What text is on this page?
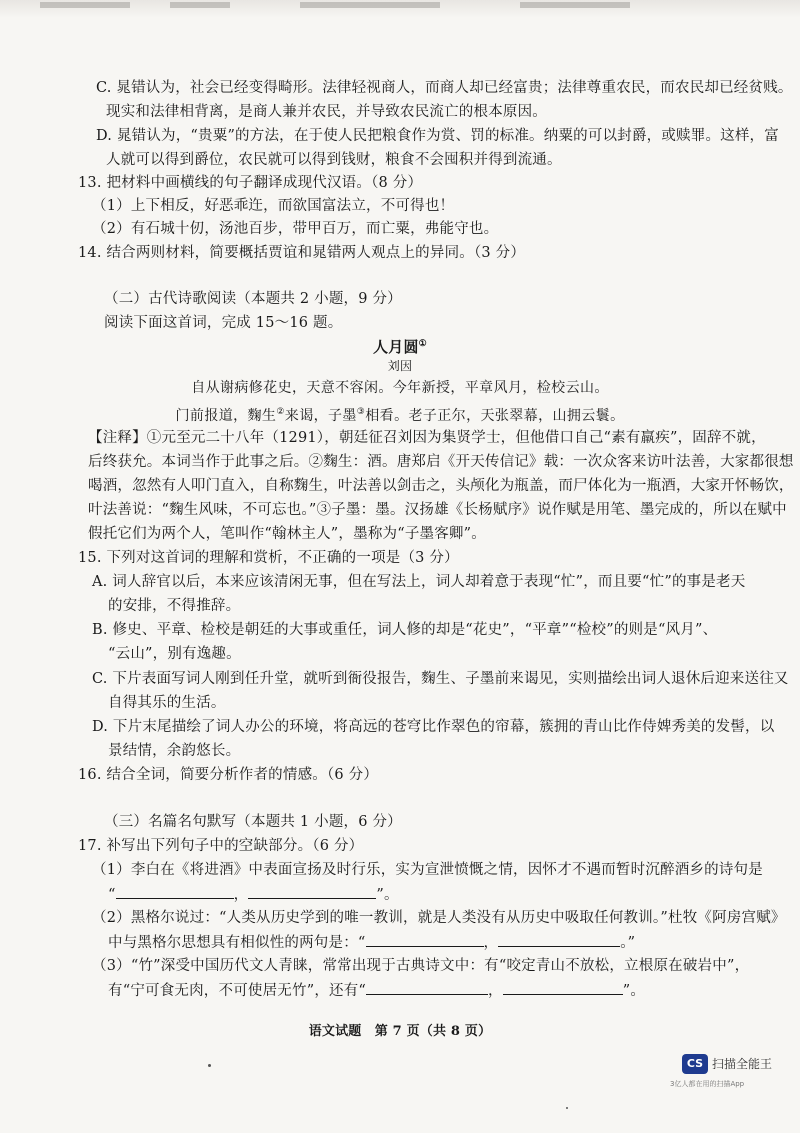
C. 晁错认为，社会已经变得畸形。法律轻视商人，而商人却已经富贵；法律尊重农民，而农民却已经贫贱。
现实和法律相背离，是商人兼并农民，并导致农民流亡的根本原因。
D. 晁错认为，“贵粟”的方法，在于使人民把粮食作为赏、罚的标准。纳粟的可以封爵，或赎罪。这样，富
人就可以得到爵位，农民就可以得到钱财，粮食不会囤积并得到流通。
13. 把材料中画横线的句子翻译成现代汉语。（8 分）
（1）上下相反，好恶乖迕，而欲国富法立，不可得也！
（2）有石城十仞，汤池百步，带甲百万，而亡粟，弗能守也。
14. 结合两则材料，简要概括贾谊和晁错两人观点上的异同。（3 分）
（二）古代诗歌阅读（本题共 2 小题，9 分）
阅读下面这首词，完成 15～16 题。
人月圆①
刘因
自从谢病修花史，天意不容闲。今年新授，平章风月，检校云山。
门前报道，麴生②来谒，子墨③相看。老子正尔，天张翠幕，山拥云鬟。
【注释】①元至元二十八年（1291），朝廷征召刘因为集贤学士，但他借口自己“素有羸疾”，固辞不就，
后终获允。本词当作于此事之后。②麴生：酒。唐郑启《开天传信记》载：一次众客来访叶法善，大家都很想
喝酒，忽然有人叩门直入，自称麴生，叶法善以剑击之，头颅化为瓶盖，而尸体化为一瓶酒，大家开怀畅饮，
叶法善说：“麴生风味，不可忘也。”③子墨：墨。汉扬雄《长杨赋序》说作赋是用笔、墨完成的，所以在赋中
假托它们为两个人，笔叫作“翰林主人”，墨称为“子墨客卿”。
15. 下列对这首词的理解和赏析，不正确的一项是（3 分）
A. 词人辞官以后，本来应该清闲无事，但在写法上，词人却着意于表现“忙”，而且要“忙”的事是老天
的安排，不得推辞。
B. 修史、平章、检校是朝廷的大事或重任，词人修的却是“花史”，“平章”“检校”的则是“风月”、
“云山”，别有逸趣。
C. 下片表面写词人刚到任升堂，就听到衙役报告，麴生、子墨前来谒见，实则描绘出词人退休后迎来送往又
自得其乐的生活。
D. 下片末尾描绘了词人办公的环境，将高远的苍穹比作翠色的帘幕，簇拥的青山比作侍婢秀美的发髻，以
景结情，余韵悠长。
16. 结合全词，简要分析作者的情感。（6 分）
（三）名篇名句默写（本题共 1 小题，6 分）
17. 补写出下列句子中的空缺部分。（6 分）
（1）李白在《将进酒》中表面宣扬及时行乐，实为宣泄愤慨之情，因怀才不遇而暂时沉醉酒乡的诗句是
“	，	”。
（2）黑格尔说过：“人类从历史学到的唯一教训，就是人类没有从历史中吸取任何教训。”杜牧《阿房宫赋》
中与黑格尔思想具有相似性的两句是：“	，	。”
（3）“竹”深受中国历代文人青睐，常常出现于古典诗文中：有“咬定青山不放松，立根原在破岩中”，
有“宁可食无肉，不可使居无竹”，还有“	，	”。
语文试题　第 7 页（共 8 页）
CS 扫描全能王
3亿人都在用的扫描App
